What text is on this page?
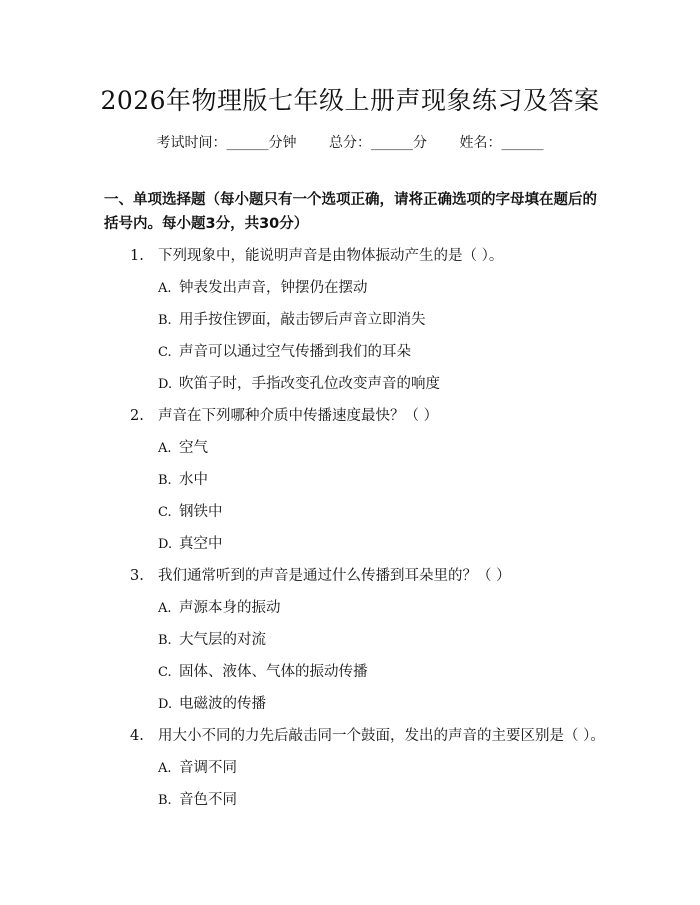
2026年物理版七年级上册声现象练习及答案
考试时间：______分钟 总分：______分 姓名：______
一、单项选择题（每小题只有一个选项正确，请将正确选项的字母填在题后的括号内。每小题3分，共30分）
1. 下列现象中，能说明声音是由物体振动产生的是（ ）。
A. 钟表发出声音，钟摆仍在摆动
B. 用手按住锣面，敲击锣后声音立即消失
C. 声音可以通过空气传播到我们的耳朵
D. 吹笛子时，手指改变孔位改变声音的响度
2. 声音在下列哪种介质中传播速度最快？（ ）
A. 空气
B. 水中
C. 钢铁中
D. 真空中
3. 我们通常听到的声音是通过什么传播到耳朵里的？（ ）
A. 声源本身的振动
B. 大气层的对流
C. 固体、液体、气体的振动传播
D. 电磁波的传播
4. 用大小不同的力先后敲击同一个鼓面，发出的声音的主要区别是（ ）。
A. 音调不同
B. 音色不同
